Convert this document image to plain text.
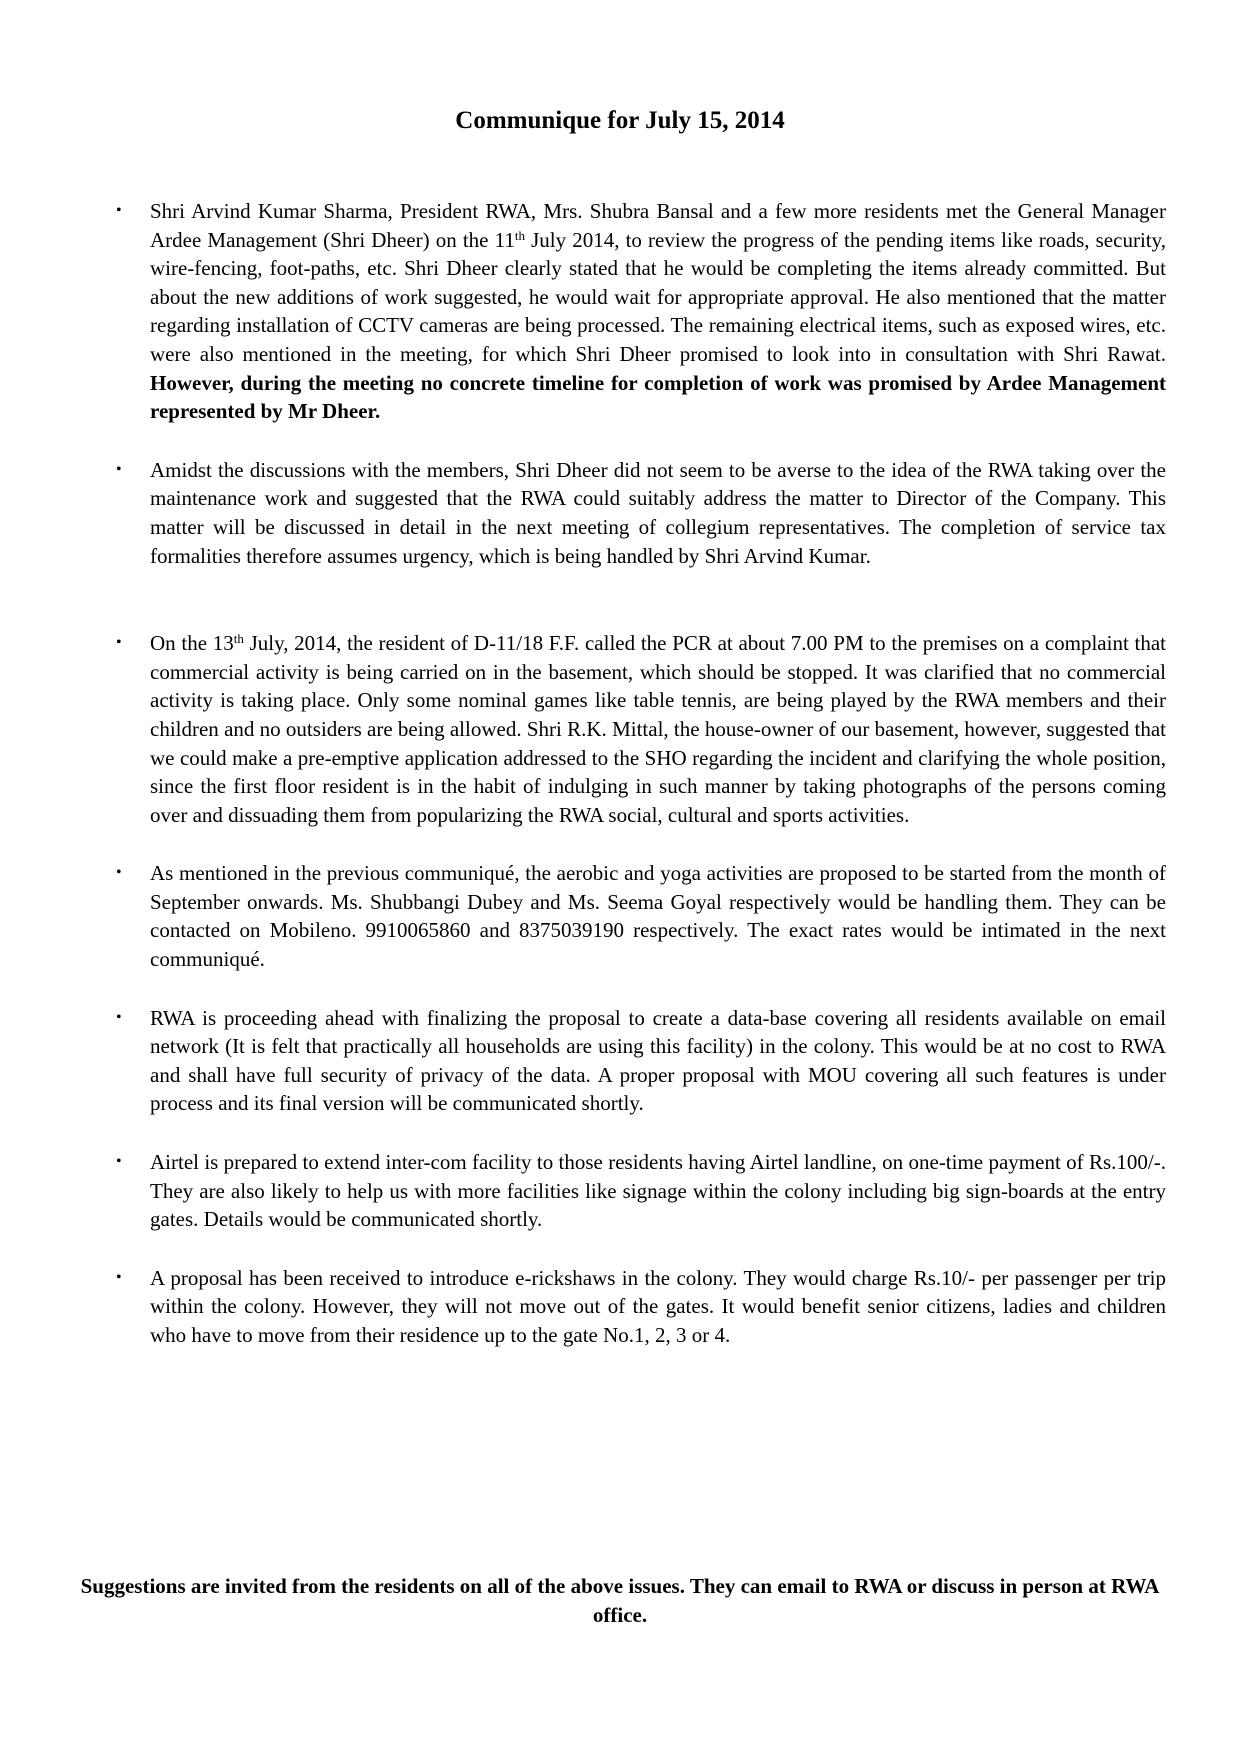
Communique for July 15, 2014
• Shri Arvind Kumar Sharma, President RWA, Mrs. Shubra Bansal and a few more residents met the General Manager Ardee Management (Shri Dheer) on the 11th July 2014, to review the progress of the pending items like roads, security, wire-fencing, foot-paths, etc. Shri Dheer clearly stated that he would be completing the items already committed. But about the new additions of work suggested, he would wait for appropriate approval. He also mentioned that the matter regarding installation of CCTV cameras are being processed. The remaining electrical items, such as exposed wires, etc. were also mentioned in the meeting, for which Shri Dheer promised to look into in consultation with Shri Rawat. However, during the meeting no concrete timeline for completion of work was promised by Ardee Management represented by Mr Dheer.
• Amidst the discussions with the members, Shri Dheer did not seem to be averse to the idea of the RWA taking over the maintenance work and suggested that the RWA could suitably address the matter to Director of the Company. This matter will be discussed in detail in the next meeting of collegium representatives. The completion of service tax formalities therefore assumes urgency, which is being handled by Shri Arvind Kumar.
• On the 13th July, 2014, the resident of D-11/18 F.F. called the PCR at about 7.00 PM to the premises on a complaint that commercial activity is being carried on in the basement, which should be stopped. It was clarified that no commercial activity is taking place. Only some nominal games like table tennis, are being played by the RWA members and their children and no outsiders are being allowed. Shri R.K. Mittal, the house-owner of our basement, however, suggested that we could make a pre-emptive application addressed to the SHO regarding the incident and clarifying the whole position, since the first floor resident is in the habit of indulging in such manner by taking photographs of the persons coming over and dissuading them from popularizing the RWA social, cultural and sports activities.
• As mentioned in the previous communiqué, the aerobic and yoga activities are proposed to be started from the month of September onwards. Ms. Shubbangi Dubey and Ms. Seema Goyal respectively would be handling them. They can be contacted on Mobileno. 9910065860 and 8375039190 respectively. The exact rates would be intimated in the next communiqué.
• RWA is proceeding ahead with finalizing the proposal to create a data-base covering all residents available on email network (It is felt that practically all households are using this facility) in the colony. This would be at no cost to RWA and shall have full security of privacy of the data. A proper proposal with MOU covering all such features is under process and its final version will be communicated shortly.
• Airtel is prepared to extend inter-com facility to those residents having Airtel landline, on one-time payment of Rs.100/-. They are also likely to help us with more facilities like signage within the colony including big sign-boards at the entry gates. Details would be communicated shortly.
• A proposal has been received to introduce e-rickshaws in the colony. They would charge Rs.10/- per passenger per trip within the colony. However, they will not move out of the gates. It would benefit senior citizens, ladies and children who have to move from their residence up to the gate No.1, 2, 3 or 4.

Suggestions are invited from the residents on all of the above issues. They can email to RWA or discuss in person at RWA office.
